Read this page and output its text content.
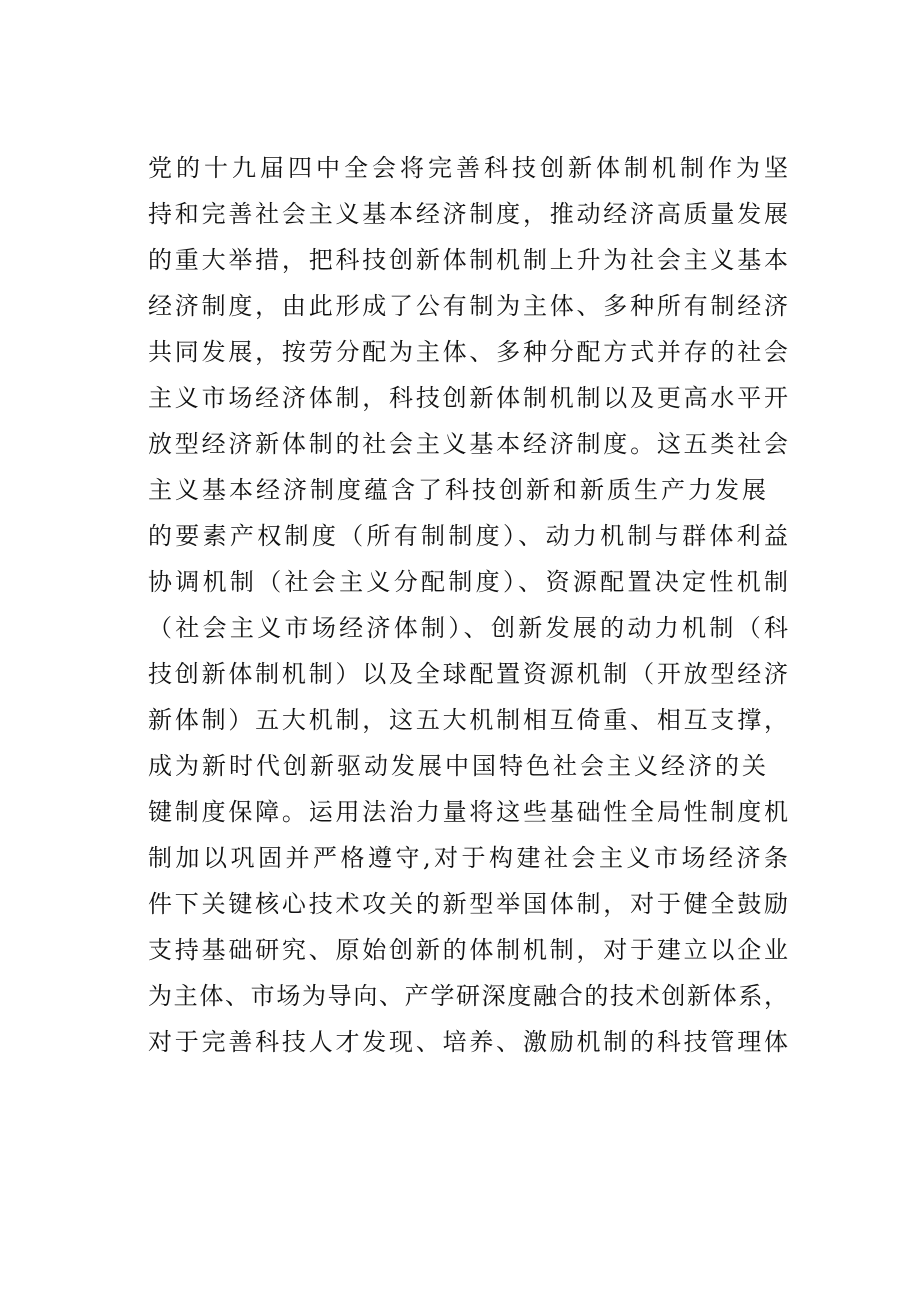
党的十九届四中全会将完善科技创新体制机制作为坚
持和完善社会主义基本经济制度，推动经济高质量发展
的重大举措，把科技创新体制机制上升为社会主义基本
经济制度，由此形成了公有制为主体、多种所有制经济
共同发展，按劳分配为主体、多种分配方式并存的社会
主义市场经济体制，科技创新体制机制以及更高水平开
放型经济新体制的社会主义基本经济制度。这五类社会
主义基本经济制度蕴含了科技创新和新质生产力发展
的要素产权制度（所有制制度）、动力机制与群体利益
协调机制（社会主义分配制度）、资源配置决定性机制
（社会主义市场经济体制）、创新发展的动力机制（科
技创新体制机制）以及全球配置资源机制（开放型经济
新体制）五大机制，这五大机制相互倚重、相互支撑，
成为新时代创新驱动发展中国特色社会主义经济的关
键制度保障。运用法治力量将这些基础性全局性制度机
制加以巩固并严格遵守,对于构建社会主义市场经济条
件下关键核心技术攻关的新型举国体制，对于健全鼓励
支持基础研究、原始创新的体制机制，对于建立以企业
为主体、市场为导向、产学研深度融合的技术创新体系，
对于完善科技人才发现、培养、激励机制的科技管理体
